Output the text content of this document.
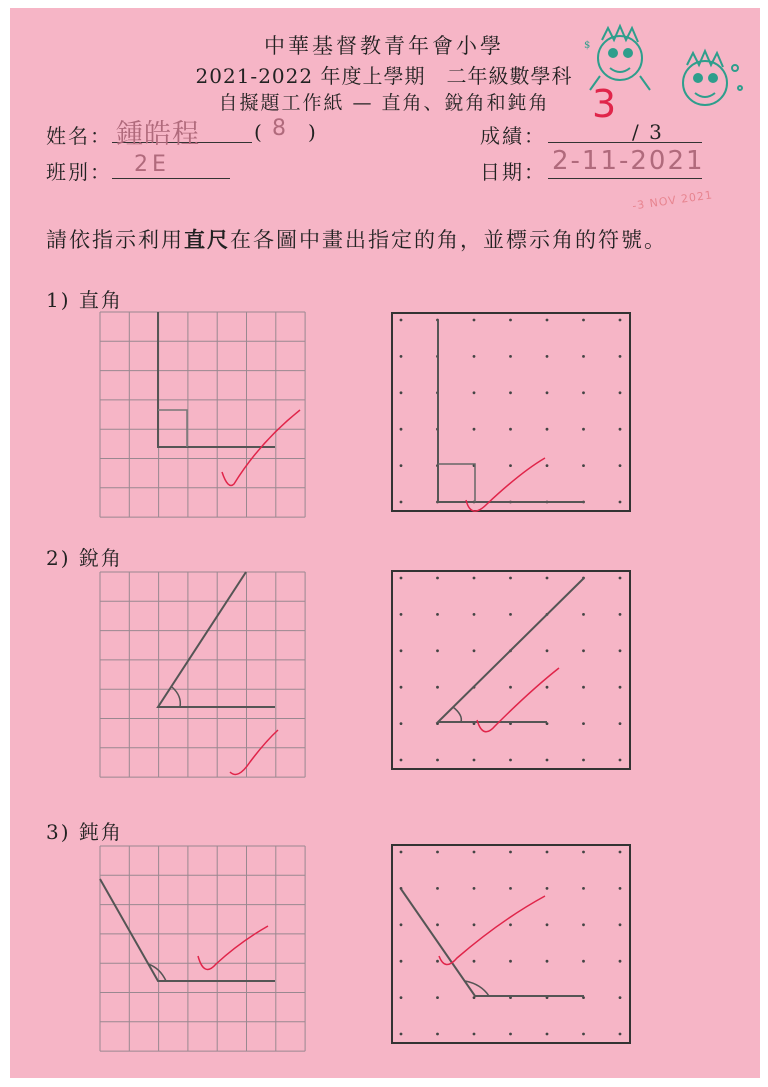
$
中華基督教青年會小學
2021-2022 年度上學期　二年級數學科
自擬題工作紙 — 直角、銳角和鈍角
姓名： 鍾皓程	( 8 )
班別： 2E
成績：
3
/ 3
日期： 2-11-2021
-3 NOV 2021
請依指示利用直尺在各圖中畫出指定的角，並標示角的符號。
1) 直角
2) 銳角
3) 鈍角
